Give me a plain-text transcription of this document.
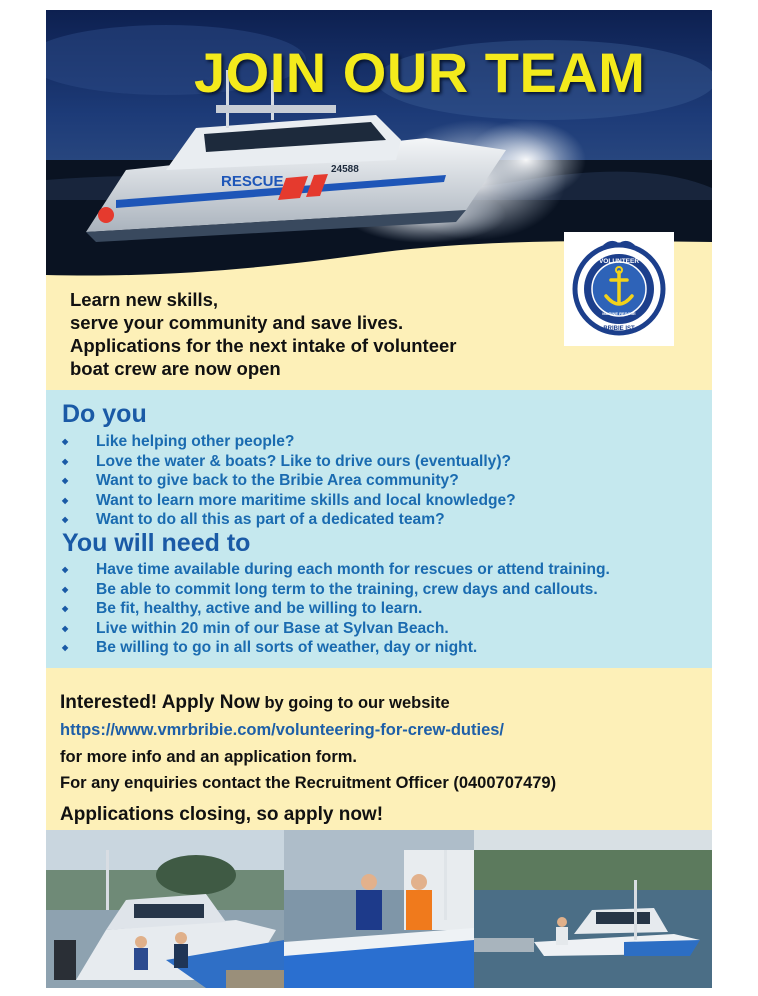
RESCUE
24588
JOIN OUR TEAM
VOLUNTEER
MARINE RESCUE
BRIBIE IST

Learn new skills,
serve your community and save lives.
Applications for the next intake of volunteer
boat crew are now open

Do you
◆ Like helping other people?
◆ Love the water & boats? Like to drive ours (eventually)?
◆ Want to give back to the Bribie Area community?
◆ Want to learn more maritime skills and local knowledge?
◆ Want to do all this as part of a dedicated team?
You will need to
◆ Have time available during each month for rescues or attend training.
◆ Be able to commit long term to the training, crew days and callouts.
◆ Be fit, healthy, active and be willing to learn.
◆ Live within 20 min of our Base at Sylvan Beach.
◆ Be willing to go in all sorts of weather, day or night.

Interested! Apply Now by going to our website

https://www.vmrbribie.com/volunteering-for-crew-duties/

for more info and an application form.

For any enquiries contact the Recruitment Officer (0400707479)

Applications closing, so apply now!
